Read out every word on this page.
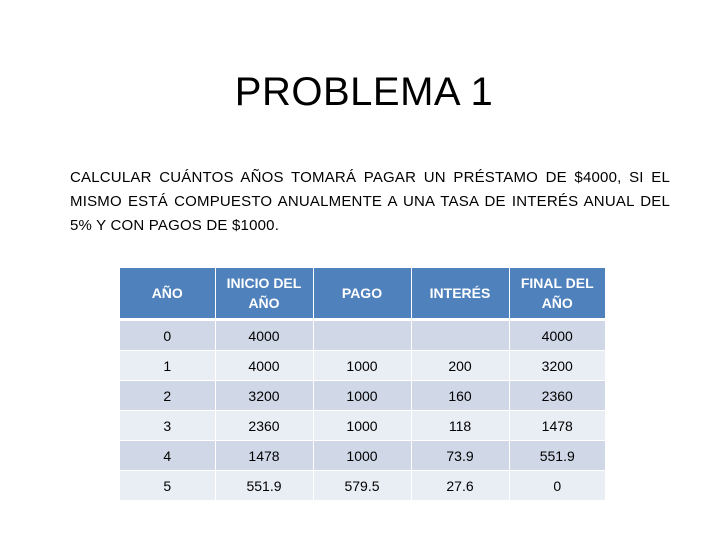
PROBLEMA 1

CALCULAR CUÁNTOS AÑOS TOMARÁ PAGAR UN PRÉSTAMO DE $4000, SI EL MISMO ESTÁ COMPUESTO ANUALMENTE A UNA TASA DE INTERÉS ANUAL DEL 5% Y CON PAGOS DE $1000.

AÑO	INICIO DEL AÑO	PAGO	INTERÉS	FINAL DEL AÑO
0	4000			4000
1	4000	1000	200	3200
2	3200	1000	160	2360
3	2360	1000	118	1478
4	1478	1000	73.9	551.9
5	551.9	579.5	27.6	0
